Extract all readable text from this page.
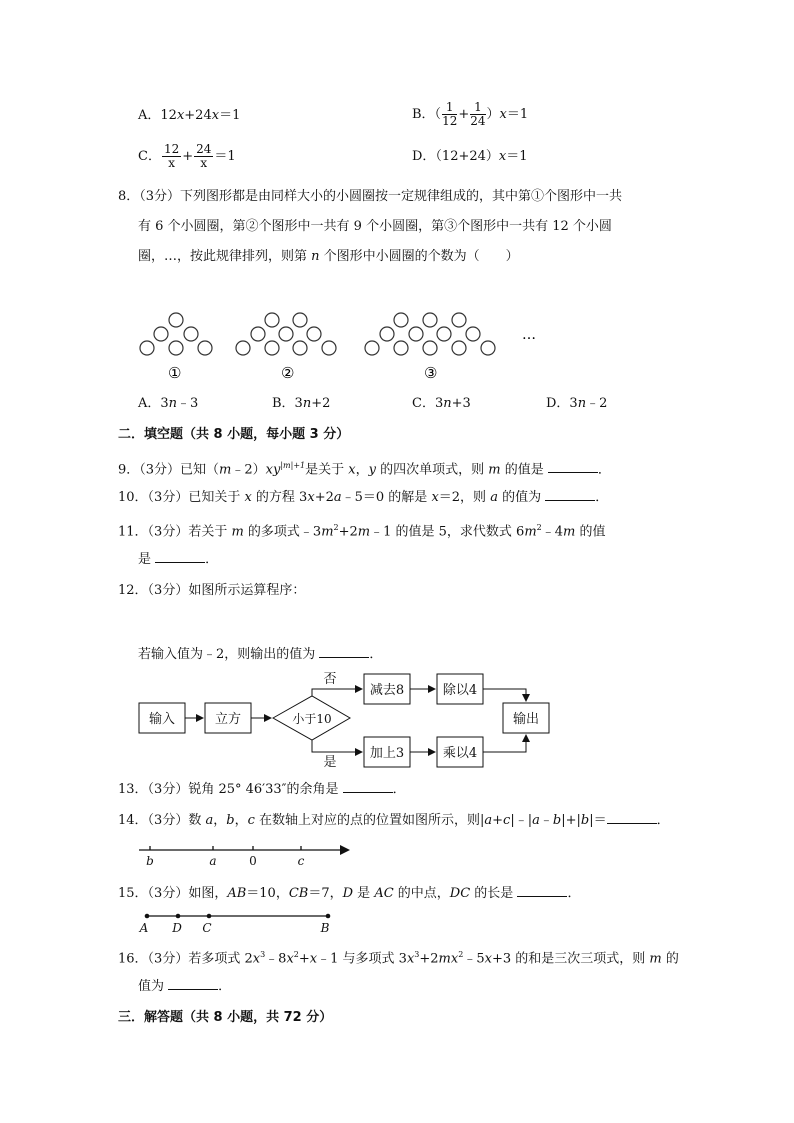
A．12x+24x＝1	B．（ $\frac{1}{12} + \frac{1}{24} )x=1$
C． $\frac{12}{x} + \frac{24}{x} =1$	D．（12+24）x＝1
8．（3分）下列图形都是由同样大小的小圆圈按一定规律组成的，其中第①个图形中一共
有 6 个小圆圈，第②个图形中一共有 9 个小圆圈，第③个图形中一共有 12 个小圆
圈，…，按此规律排列，则第 n 个图形中小圆圈的个数为（　　）
…
①	②	③
A．3n﹣3	B．3n+2	C．3n+3	D．3n﹣2
二．填空题（共 8 小题，每小题 3 分）
9．（3分）已知$(m﹣2)xy^{|m|+1}$是关于 x，y 的四次单项式，则 m 的值是	．
10．（3分）已知关于 x 的方程 3x+2a﹣5＝0 的解是 x＝2，则 a 的值为	．
11．（3分）若关于 m 的多项式$﹣3m^2+2m﹣1$ 的值是 5，求代数式 $6m^2﹣4m$ 的值
是	．
12．（3分）如图所示运算程序：
若输入值为﹣2，则输出的值为	．
输入	立方	小于10
否
是
减去8	除以4
加上3	乘以4
输出
13．（3分）锐角 25° 46′33″的余角是	．
14．（3分）数 a，b，c 在数轴上对应的点的位置如图所示，则|a+c|﹣|a﹣b|+|b|＝	．
b	a	0	c
15．（3分）如图，AB＝10，CB＝7，D 是 AC 的中点，DC 的长是	．
A D C	B
16．（3分）若多项式 $2x^3﹣8x^2+x﹣1$ 与多项式 $3x^3+2mx^2﹣5x+3$ 的和是三次三项式，则 m 的
值为	．
三．解答题（共 8 小题，共 72 分）
